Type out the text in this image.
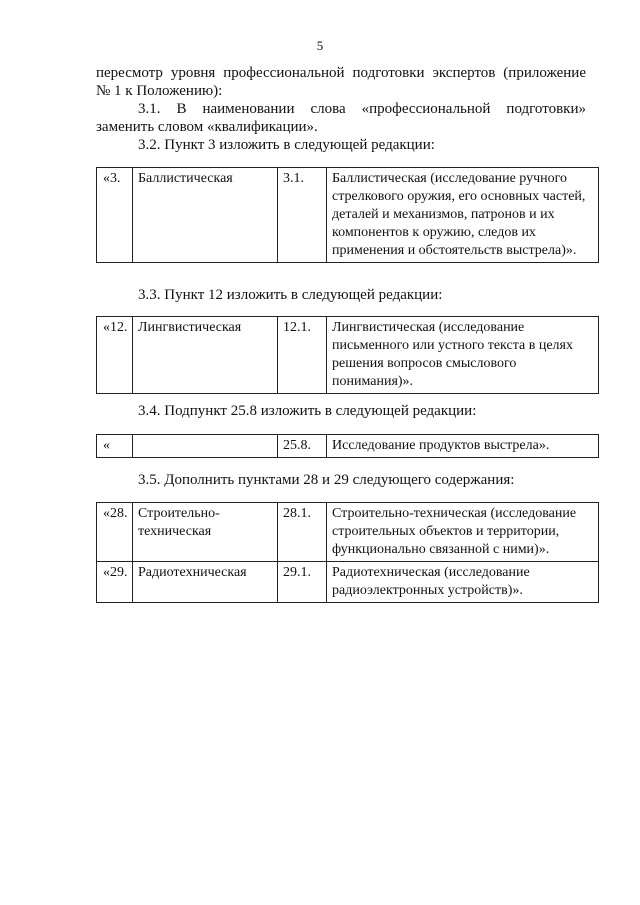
5

пересмотр уровня профессиональной подготовки экспертов (приложение

№ 1 к Положению):

3.1. В наименовании слова «профессиональной подготовки»

заменить словом «квалификации».

3.2. Пункт 3 изложить в следующей редакции:

«3.	Баллистическая	3.1.	Баллистическая (исследование ручного стрелкового оружия, его основных частей, деталей и механизмов, патронов и их компонентов к оружию, следов их применения и обстоятельств выстрела)».

3.3. Пункт 12 изложить в следующей редакции:

«12.	Лингвистическая	12.1.	Лингвистическая (исследование письменного или устного текста в целях решения вопросов смыслового понимания)».

3.4. Подпункт 25.8 изложить в следующей редакции:

«		25.8.	Исследование продуктов выстрела».

3.5. Дополнить пунктами 28 и 29 следующего содержания:

«28.	Строительно-техническая	28.1.	Строительно-техническая (исследование строительных объектов и территории, функционально связанной с ними)».
«29.	Радиотехническая	29.1.	Радиотехническая (исследование радиоэлектронных устройств)».
